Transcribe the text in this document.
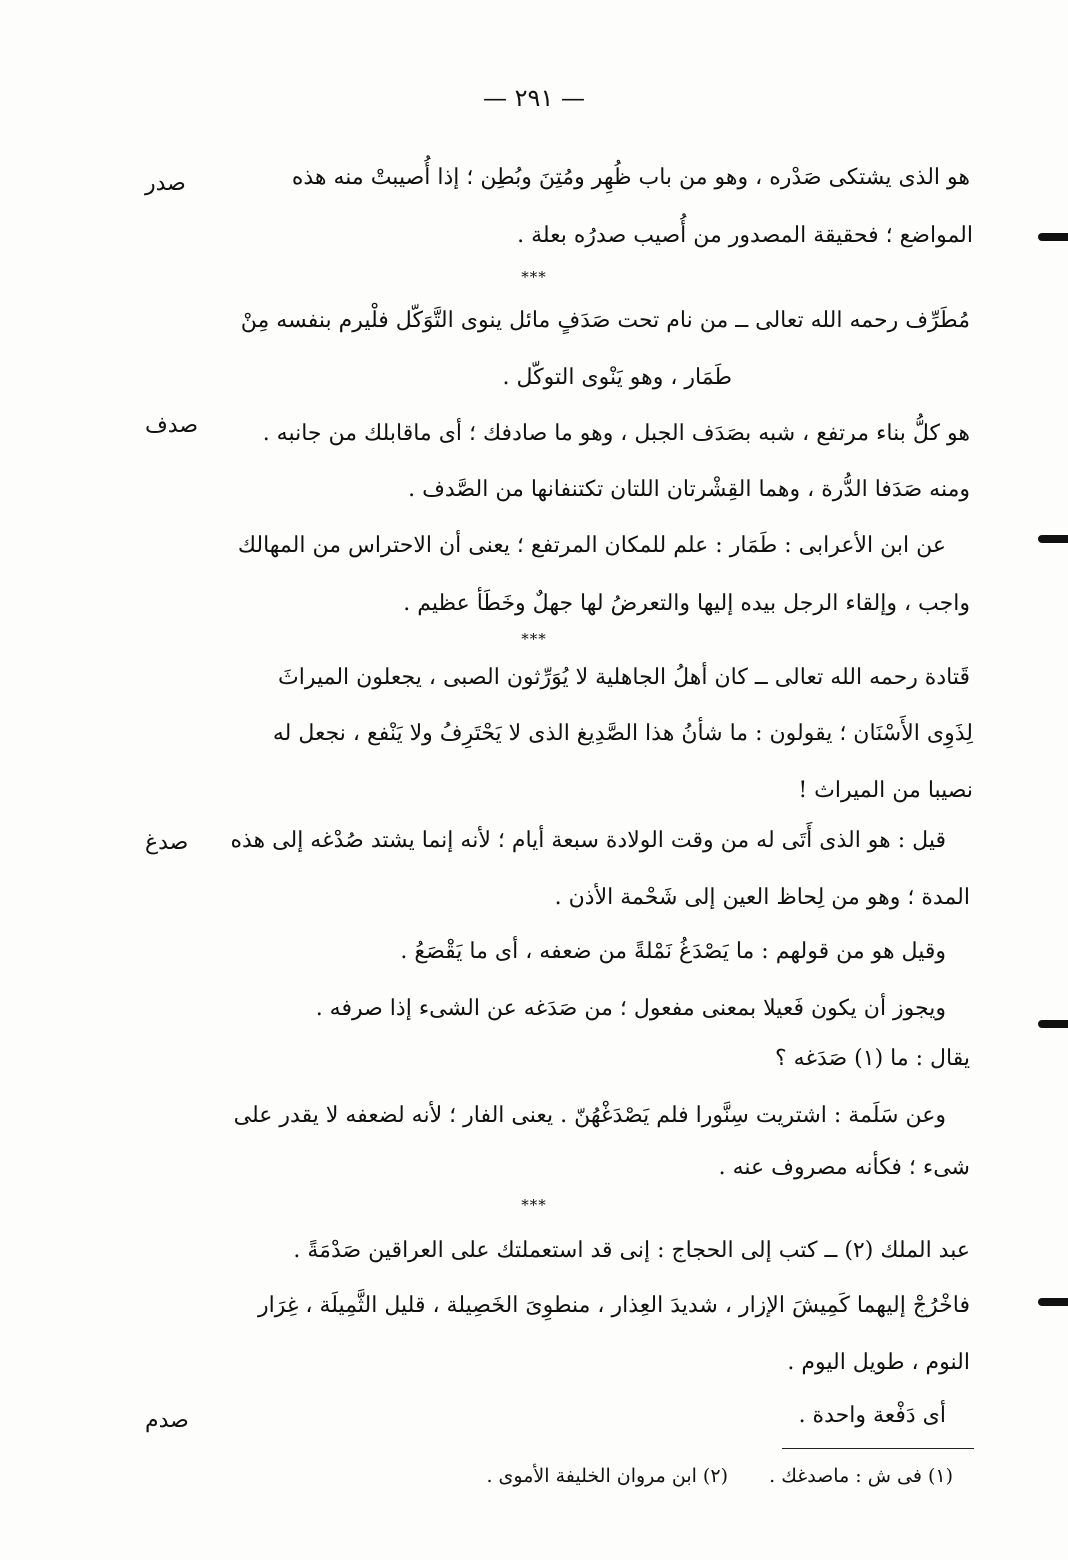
— ٢٩١ —
صدر
صدف
صدغ
صدم
هو الذى يشتكى صَدْره ، وهو من باب ظُهِر ومُتِنَ وبُطِن ؛ إذا أُصيبتْ منه هذه
المواضع ؛ فحقيقة المصدور من أُصيب صدرُه بعلة .
***
مُطَرِّف رحمه الله تعالى ــ من نام تحت صَدَفٍ مائل ينوى التَّوَكّل فلْيرم بنفسه مِنْ
طَمَار ، وهو يَنْوى التوكّل .
هو كلُّ بناء مرتفع ، شبه بصَدَف الجبل ، وهو ما صادفك ؛ أى ماقابلك من جانبه .
ومنه صَدَفا الدُّرة ، وهما القِشْرتان اللتان تكتنفانها من الصَّدف .
عن ابن الأعرابى : طَمَار : علم للمكان المرتفع ؛ يعنى أن الاحتراس من المهالك
واجب ، وإلقاء الرجل بيده إليها والتعرضُ لها جهلٌ وخَطَأ عظيم .
***
قَتادة رحمه الله تعالى ــ كان أهلُ الجاهلية لا يُوَرِّثون الصبى ، يجعلون الميراثَ
لِذَوِى الأَسْنَان ؛ يقولون : ما شأنُ هذا الصَّدِيغ الذى لا يَحْتَرِفُ ولا يَنْفع ، نجعل له
نصيبا من الميراث !
قيل : هو الذى أَتَى له من وقت الولادة سبعة أيام ؛ لأنه إنما يشتد صُدْغه إلى هذه
المدة ؛ وهو من لِحاظ العين إلى شَحْمة الأذن .
وقيل هو من قولهم : ما يَصْدَغُ نَمْلةً من ضعفه ، أى ما يَقْصَعُ .
ويجوز أن يكون فَعيلا بمعنى مفعول ؛ من صَدَغه عن الشىء إذا صرفه .
يقال : ما (١) صَدَغه ؟
وعن سَلَمة : اشتريت سِنَّورا فلم يَصْدَغْهُنّ . يعنى الفار ؛ لأنه لضعفه لا يقدر على
شىء ؛ فكأنه مصروف عنه .
***
عبد الملك (٢) ــ كتب إلى الحجاج : إنى قد استعملتك على العراقين صَدْمَةً .
فاخْرُجْ إليهما كَمِيشَ الإزار ، شديدَ العِذار ، منطوِىَ الخَصِيلة ، قليل الثَّمِيلَة ، غِرَار
النوم ، طويل اليوم .
أى دَفْعة واحدة .
(١) فى ش : ماصدغك .
(٢) ابن مروان الخليفة الأموى .
